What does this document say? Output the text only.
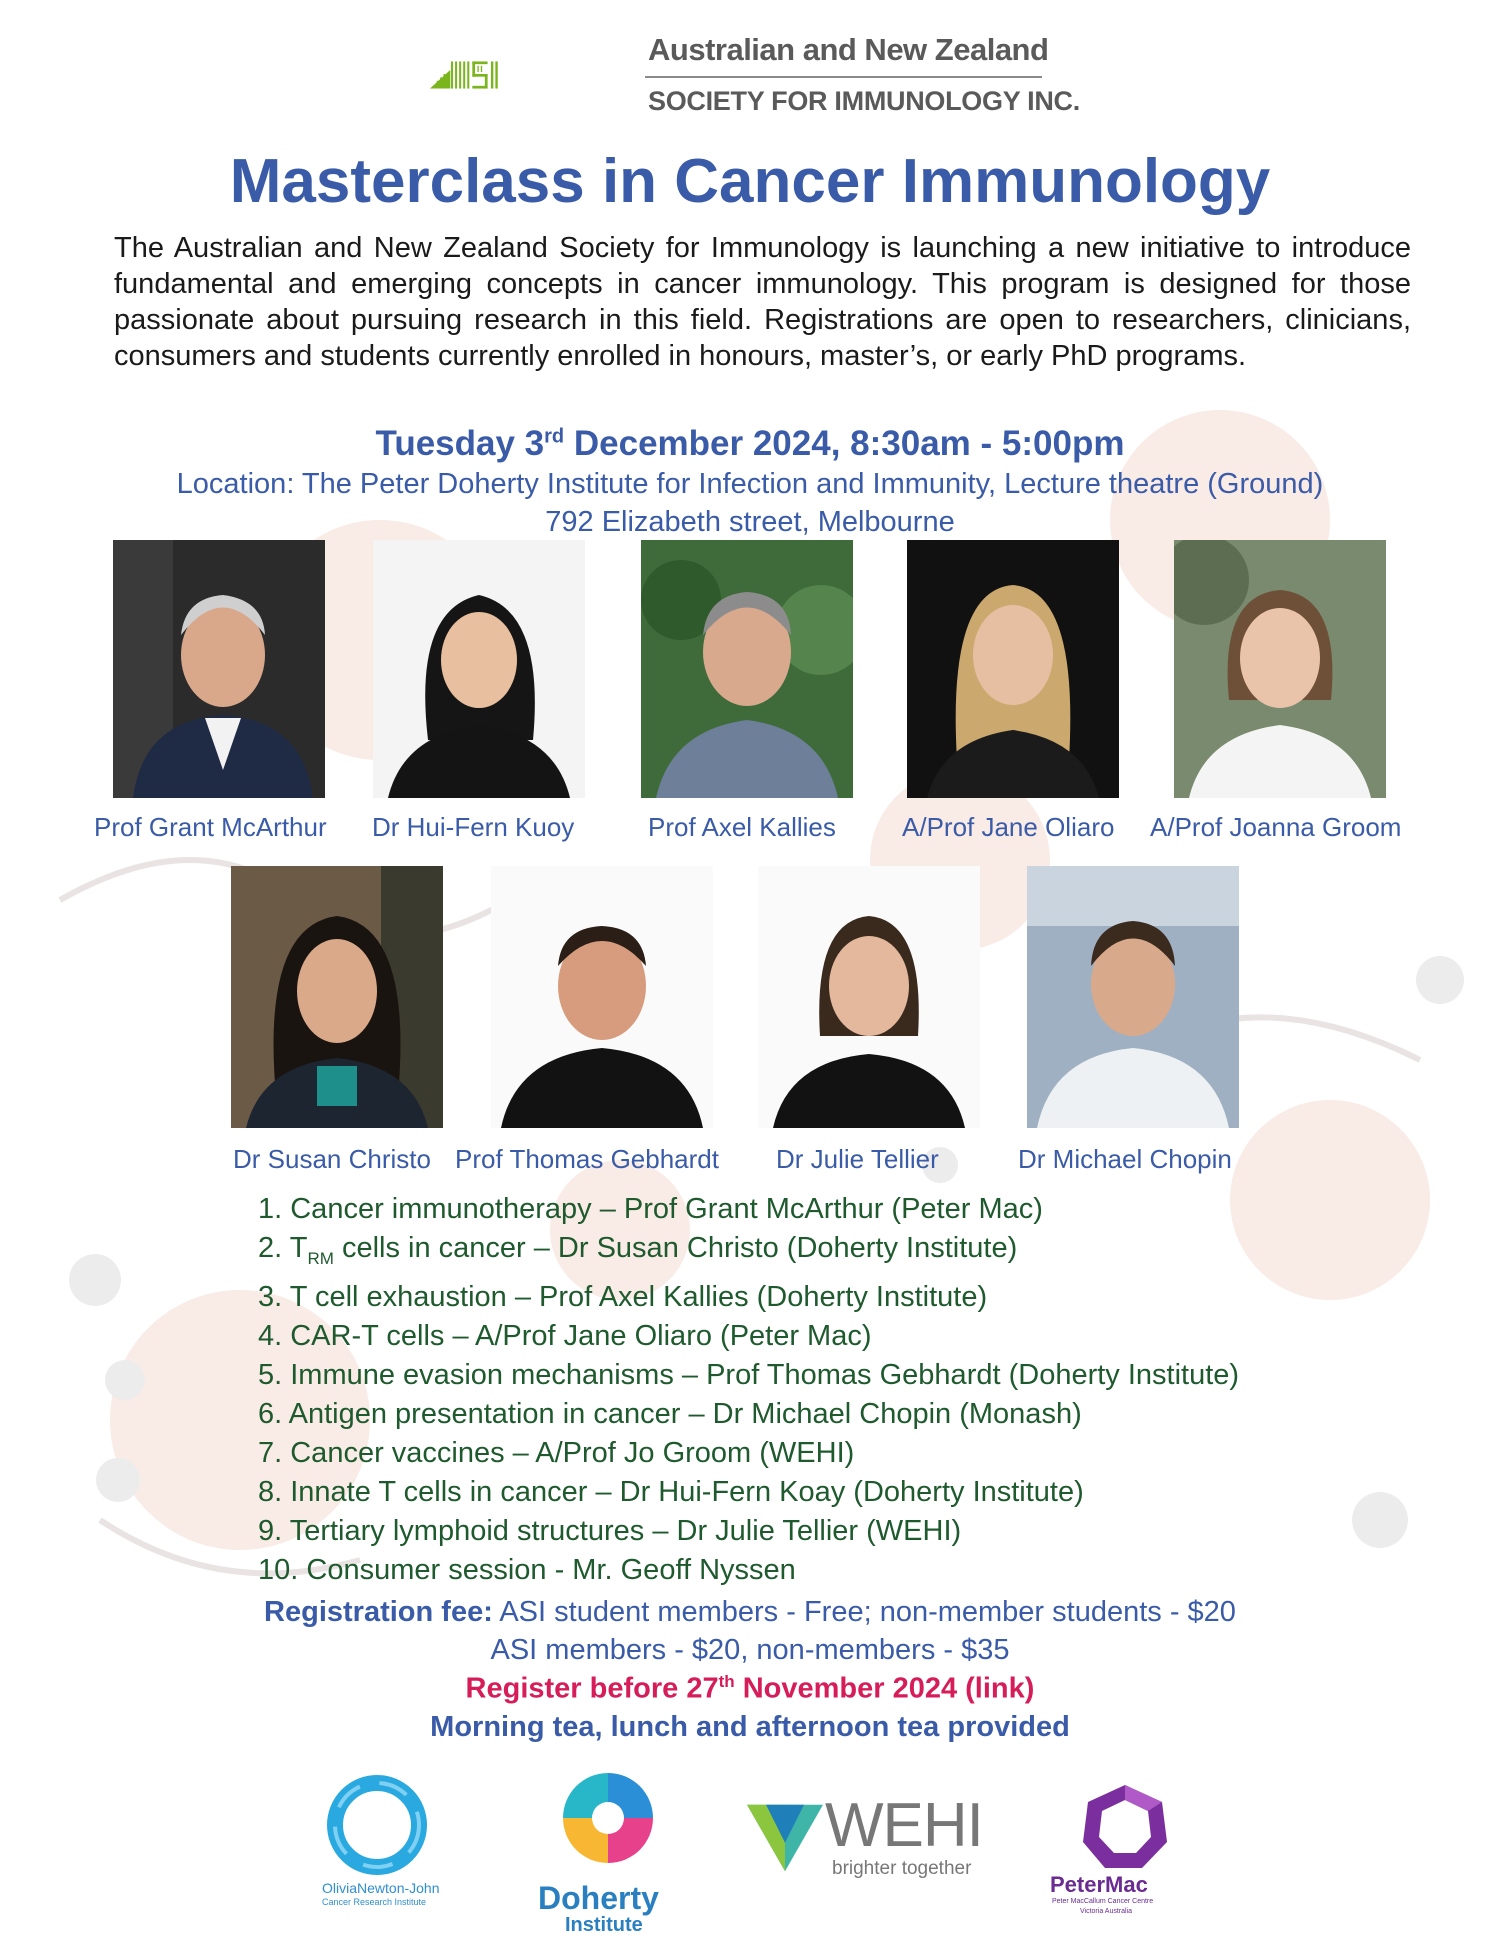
Australian and New Zealand
SOCIETY FOR IMMUNOLOGY INC.
Masterclass in Cancer Immunology
The Australian and New Zealand Society for Immunology is launching a new initiative to introduce fundamental and emerging concepts in cancer immunology. This program is designed for those passionate about pursuing research in this field. Registrations are open to researchers, clinicians, consumers and students currently enrolled in honours, master’s, or early PhD programs.
Tuesday 3rd December 2024, 8:30am - 5:00pm
Location: The Peter Doherty Institute for Infection and Immunity, Lecture theatre (Ground)
792 Elizabeth street, Melbourne
Prof Grant McArthur Dr Hui-Fern Kuoy	Prof Axel Kallies	A/Prof Jane Oliaro A/Prof Joanna Groom
Dr Susan Christo Prof Thomas Gebhardt Dr Julie Tellier	Dr Michael Chopin
1. Cancer immunotherapy – Prof Grant McArthur (Peter Mac)
2. $T_{RM}$ cells in cancer – Dr Susan Christo (Doherty Institute)
3. T cell exhaustion – Prof Axel Kallies (Doherty Institute)
4. CAR-T cells – A/Prof Jane Oliaro (Peter Mac)
5. Immune evasion mechanisms – Prof Thomas Gebhardt (Doherty Institute)
6. Antigen presentation in cancer – Dr Michael Chopin (Monash)
7. Cancer vaccines – A/Prof Jo Groom (WEHI)
8. Innate T cells in cancer – Dr Hui-Fern Koay (Doherty Institute)
9. Tertiary lymphoid structures – Dr Julie Tellier (WEHI)
10. Consumer session - Mr. Geoff Nyssen
Registration fee: ASI student members - Free; non-member students - $20
ASI members - $20, non-members - $35
Register before 27th November 2024 (link)
Morning tea, lunch and afternoon tea provided
OliviaNewton-John
Cancer Research Institute	Doherty
Institute
WEHI
brighter together
PeterMac
Peter MacCallum Cancer Centre
Victoria Australia
